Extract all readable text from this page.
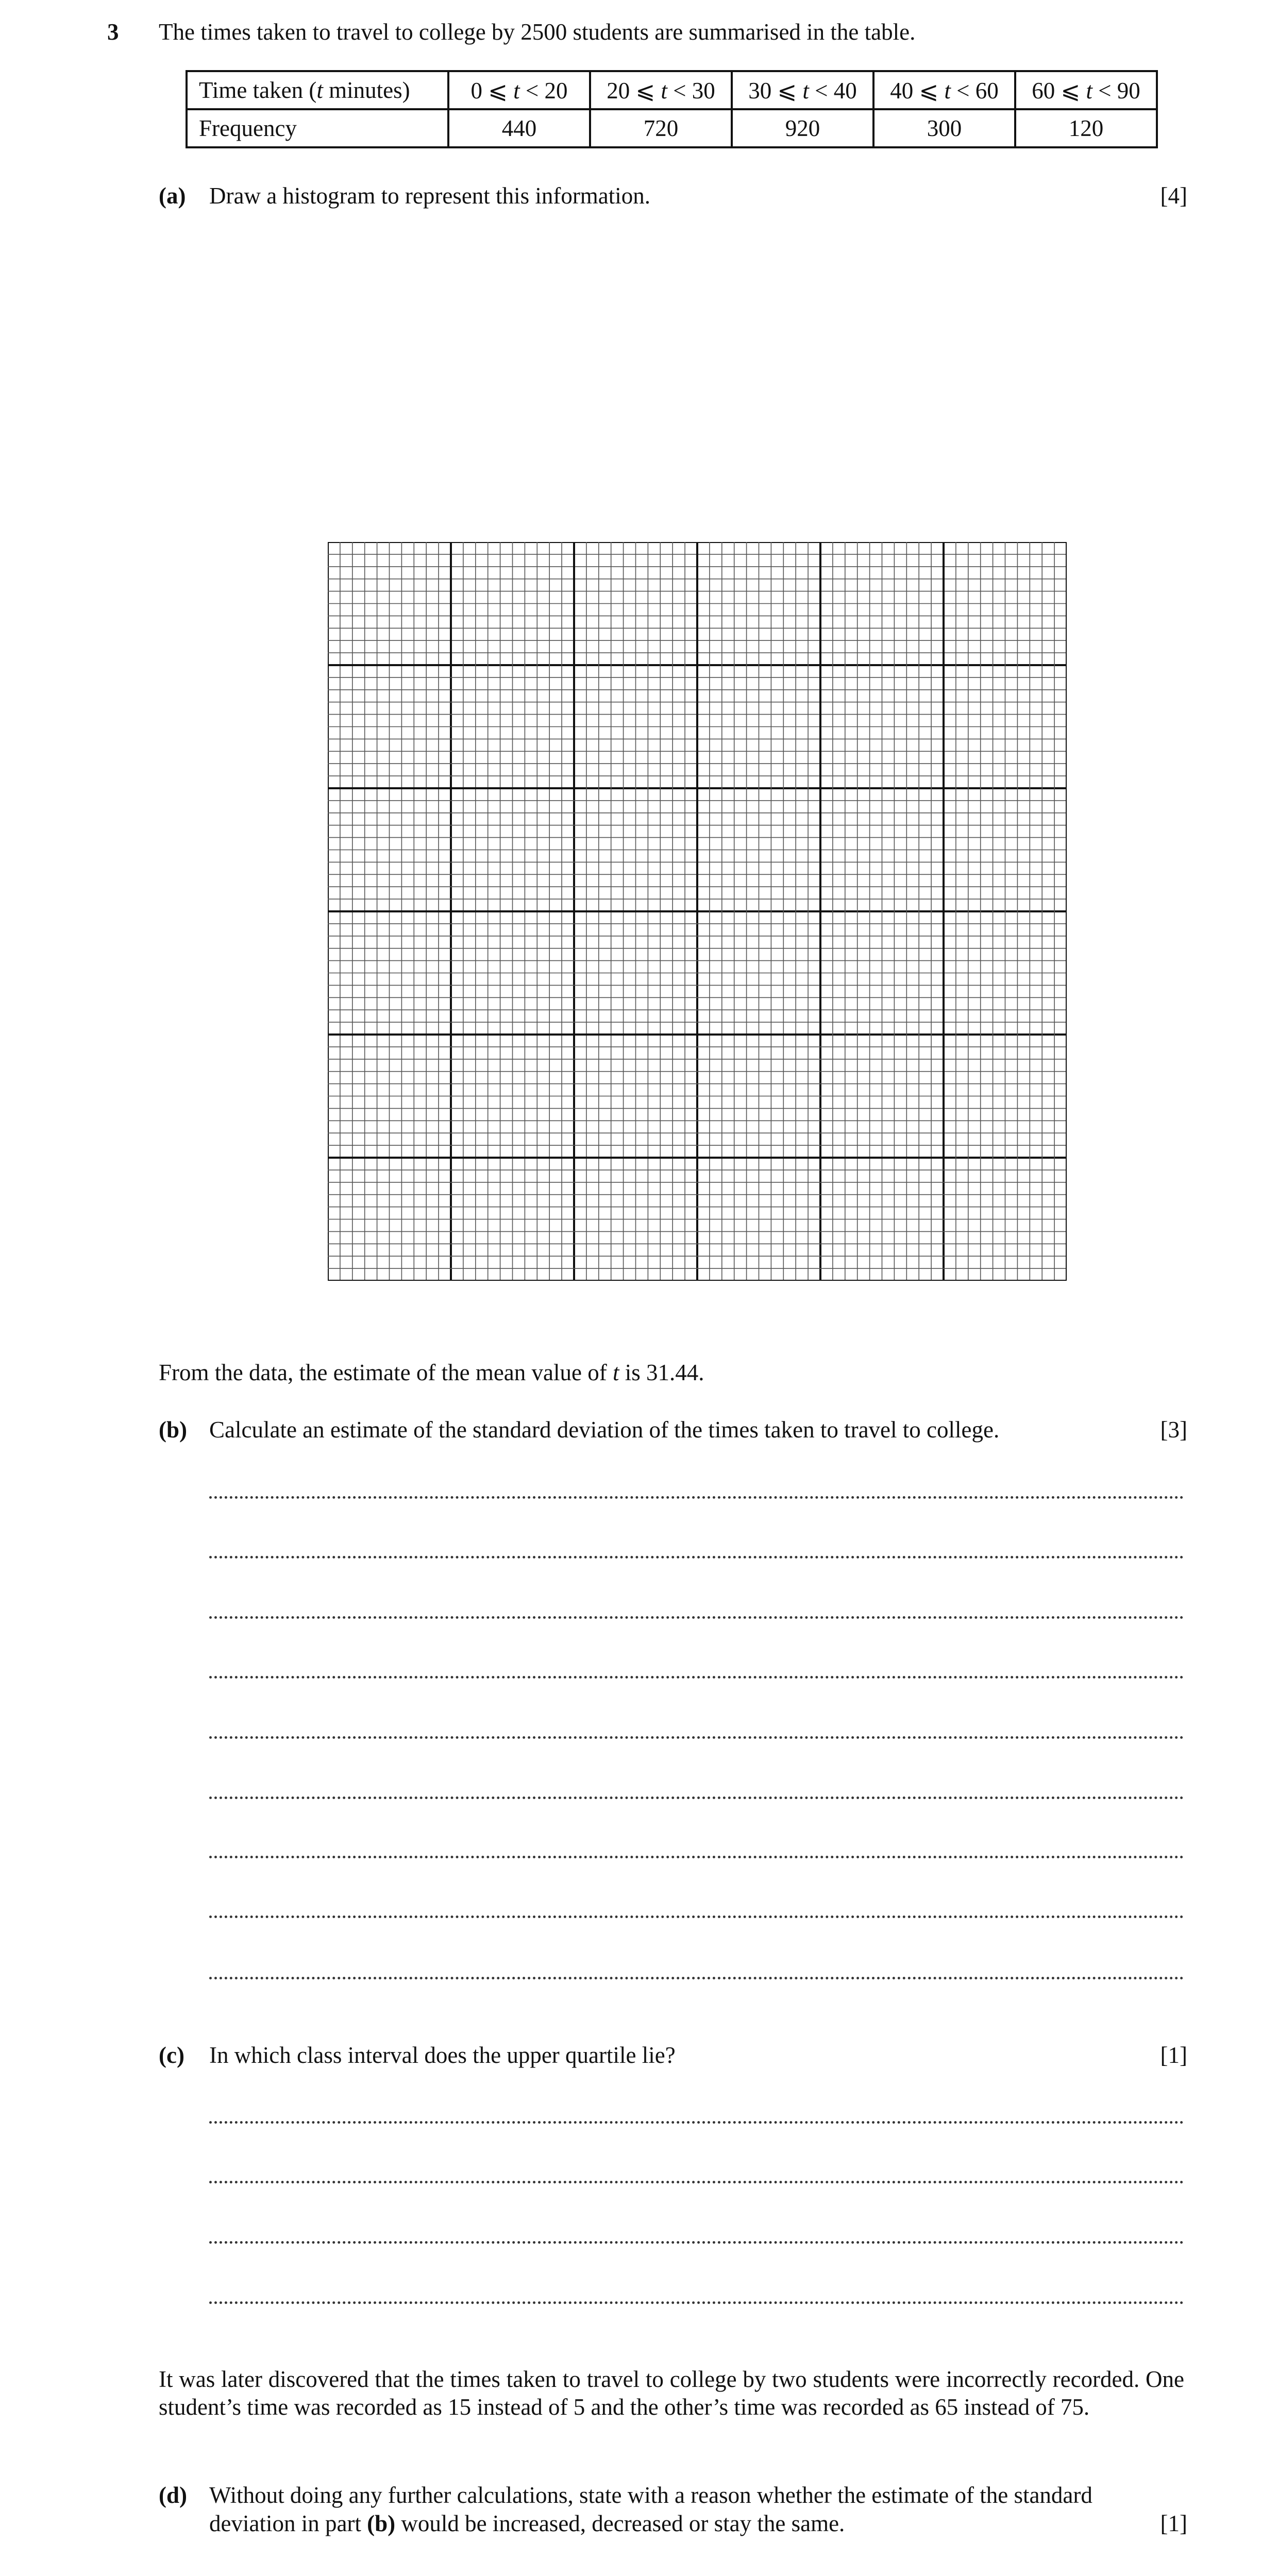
3 The times taken to travel to college by 2500 students are summarised in the table.
Time taken (t minutes)	0 ⩽ t < 20	20 ⩽ t < 30	30 ⩽ t < 40	40 ⩽ t < 60	60 ⩽ t < 90
Frequency	440	720	920	300	120
(a) Draw a histogram to represent this information.	[4]
From the data, the estimate of the mean value of t is 31.44.
(b) Calculate an estimate of the standard deviation of the times taken to travel to college.	[3]
(c) In which class interval does the upper quartile lie?	[1]
It was later discovered that the times taken to travel to college by two students were incorrectly recorded. One student’s time was recorded as 15 instead of 5 and the other’s time was recorded as 65 instead of 75.
(d) Without doing any further calculations, state with a reason whether the estimate of the standard
deviation in part (b) would be increased, decreased or stay the same.	[1]
